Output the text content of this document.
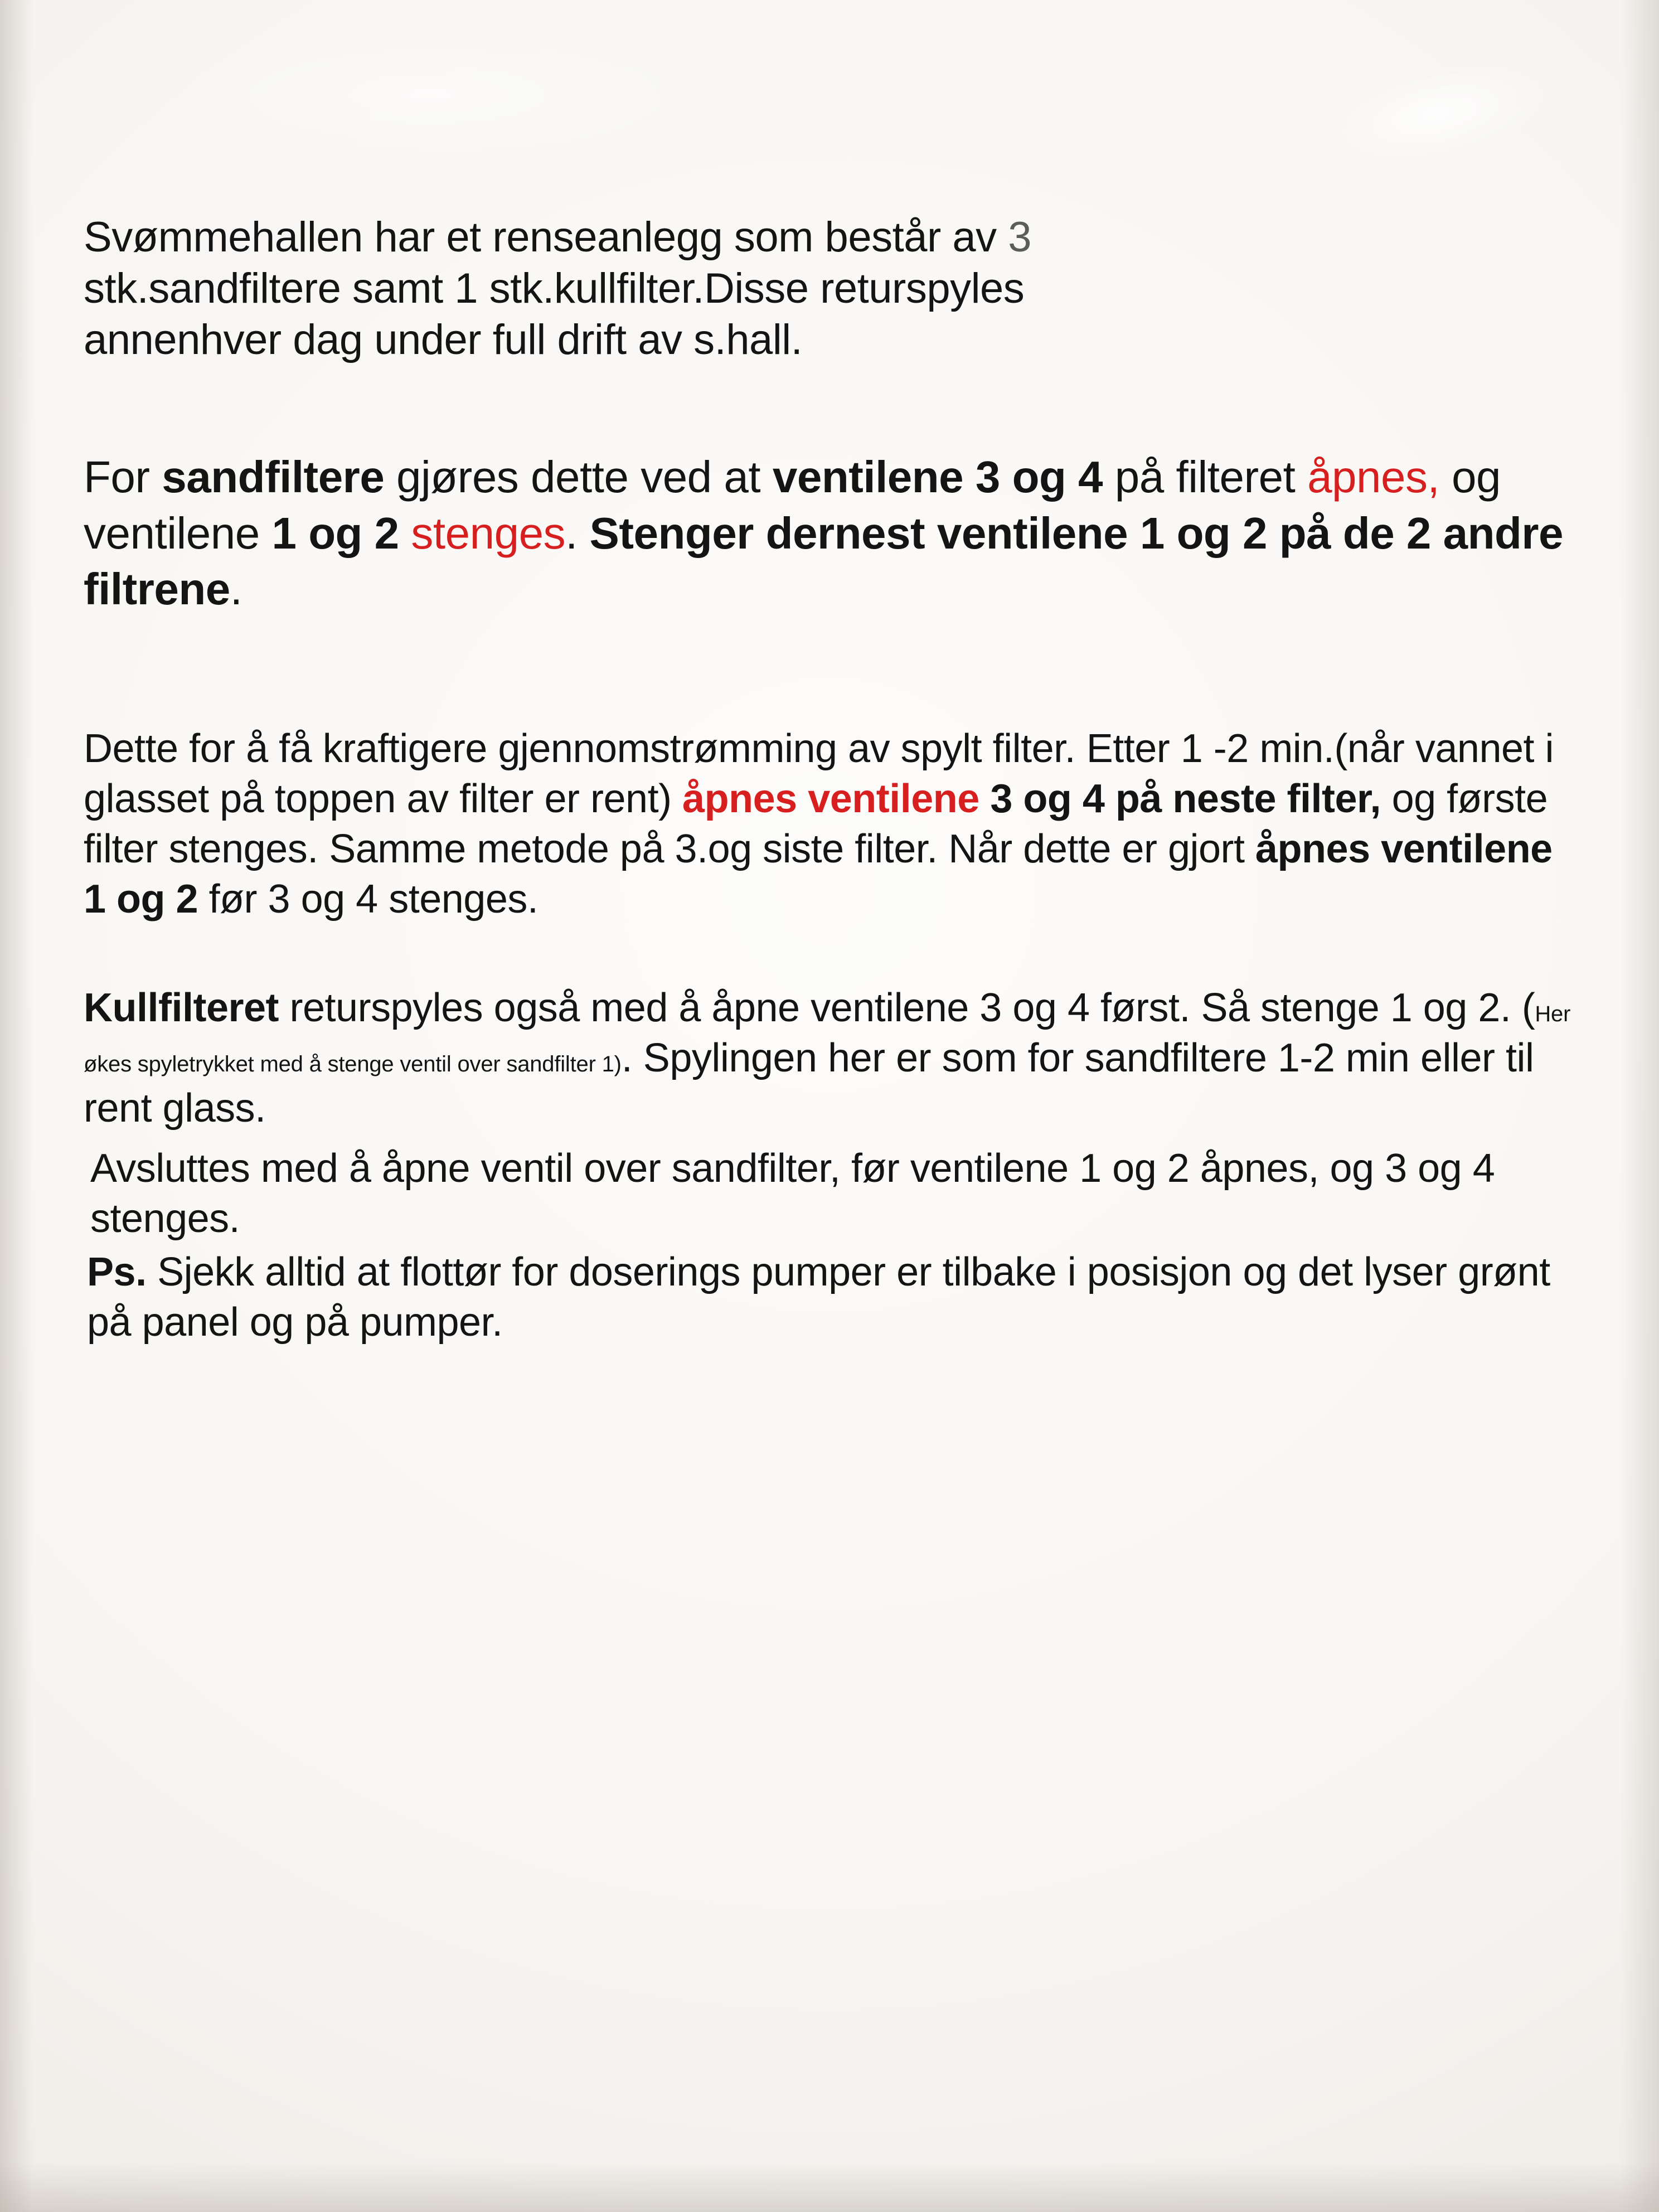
Svømmehallen har et renseanlegg som består av 3
stk.sandfiltere samt 1 stk.kullfilter.Disse returspyles
annenhver dag under full drift av s.hall.

For sandfiltere gjøres dette ved at ventilene 3 og 4 på filteret åpnes, og ventilene 1 og 2 stenges. Stenger dernest ventilene 1 og 2 på de 2 andre filtrene.

Dette for å få kraftigere gjennomstrømming av spylt filter. Etter 1 -2 min.(når vannet i glasset på toppen av filter er rent) åpnes ventilene 3 og 4 på neste filter, og første filter stenges. Samme metode på 3.og siste filter. Når dette er gjort åpnes ventilene 1 og 2 før 3 og 4 stenges.

Kullfilteret returspyles også med å åpne ventilene 3 og 4 først. Så stenge 1 og 2. (Her økes spyletrykket med å stenge ventil over sandfilter 1). Spylingen her er som for sandfiltere 1-2 min eller til rent glass.

Avsluttes med å åpne ventil over sandfilter, før ventilene 1 og 2 åpnes, og 3 og 4 stenges.

Ps. Sjekk alltid at flottør for doserings pumper er tilbake i posisjon og det lyser grønt på panel og på pumper.
